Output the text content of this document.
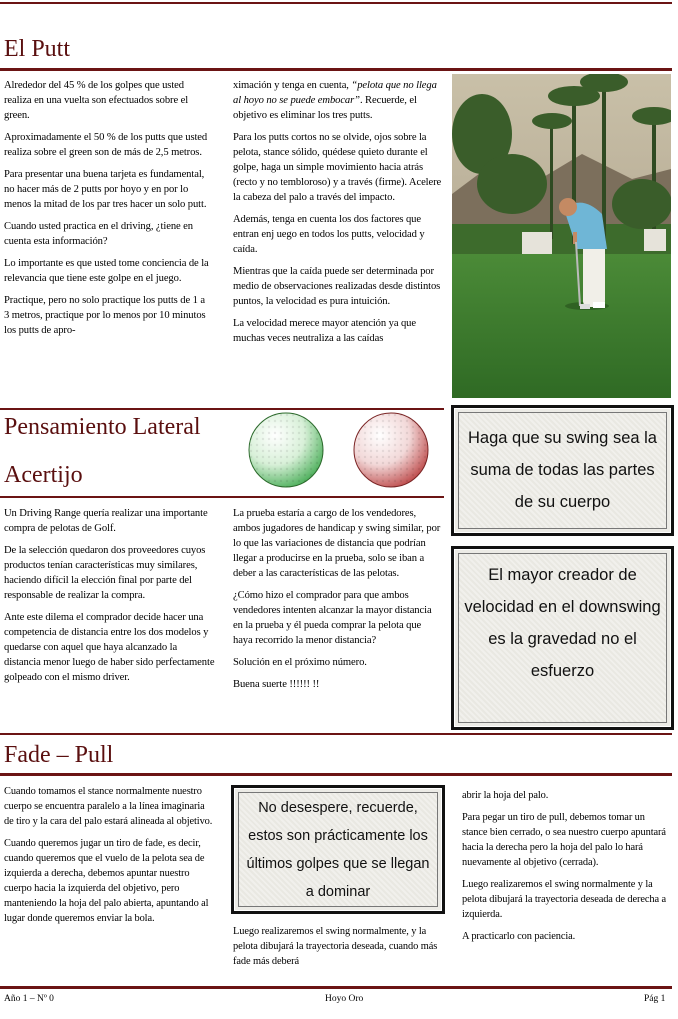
El Putt

Alrededor del 45 % de los golpes que usted realiza en una vuelta son efectuados sobre el green.

Aproximadamente el 50 % de los putts que usted realiza sobre el green son de más de 2,5 metros.

Para presentar una buena tarjeta es fundamental, no hacer más de 2 putts por hoyo y en por lo menos la mitad de los par tres hacer un solo putt.

Cuando usted practica en el driving, ¿tiene en cuenta esta información?

Lo importante es que usted tome conciencia de la relevancia que tiene este golpe en el juego.

Practique, pero no solo practique los putts de 1 a 3 metros, practique por lo menos por 10 minutos los putts de apro-

ximación y tenga en cuenta, “pelota que no llega al hoyo no se puede embocar”. Recuerde, el objetivo es eliminar los tres putts.

Para los putts cortos no se olvide, ojos sobre la pelota, stance sólido, quédese quieto durante el golpe, haga un simple movimiento hacia atrás (recto y no tembloroso) y a través (firme). Acelere la cabeza del palo a través del impacto.

Además, tenga en cuenta los dos factores que entran enj uego en todos los putts, velocidad y caída.

Mientras que la caída puede ser determinada por medio de observaciones realizadas desde distintos puntos, la velocidad es pura intuición.

La velocidad merece mayor atención ya que muchas veces neutraliza a las caídas

Pensamiento Lateral
Acertijo

Un Driving Range quería realizar una importante compra de pelotas de Golf.

De la selección quedaron dos proveedores cuyos productos tenían características muy similares, haciendo difícil la elección final por parte del responsable de realizar la compra.

Ante este dilema el comprador decide hacer una competencia de distancia entre los dos modelos y quedarse con aquel que haya alcanzado la distancia menor luego de haber sido perfectamente golpeado con el mismo driver.

La prueba estaría a cargo de los vendedores, ambos jugadores de handicap y swing similar, por lo que las variaciones de distancia que podrían llegar a producirse en la prueba, solo se iban a deber a las características de las pelotas.

¿Cómo hizo el comprador para que ambos vendedores intenten alcanzar la mayor distancia en la prueba y él pueda comprar la pelota que haya recorrido la menor distancia?

Solución en el próximo número.

Buena suerte !!!!!! !!

Haga que su swing sea la suma de todas las partes de su cuerpo
El mayor creador de velocidad en el downswing es la gravedad no el esfuerzo
Fade – Pull

Cuando tomamos el stance normalmente nuestro cuerpo se encuentra paralelo a la línea imaginaria de tiro y la cara del palo estará alineada al objetivo.

Cuando queremos jugar un tiro de fade, es decir, cuando queremos que el vuelo de la pelota sea de izquierda a derecha, debemos apuntar nuestro cuerpo hacia la izquierda del objetivo, pero manteniendo la hoja del palo abierta, apuntando al lugar donde queremos enviar la bola.

No desespere, recuerde, estos son prácticamente los últimos golpes que se llegan a dominar

Luego realizaremos el swing normalmente, y la pelota dibujará la trayectoria deseada, cuando más fade más deberá

abrir la hoja del palo.

Para pegar un tiro de pull, debemos tomar un stance bien cerrado, o sea nuestro cuerpo apuntará hacia la derecha pero la hoja del palo lo hará nuevamente al objetivo (cerrada).

Luego realizaremos el swing normalmente y la pelota dibujará la trayectoria deseada de derecha a izquierda.

A practicarlo con paciencia.

Año 1 – Nº 0	Hoyo Oro	Pág 1
